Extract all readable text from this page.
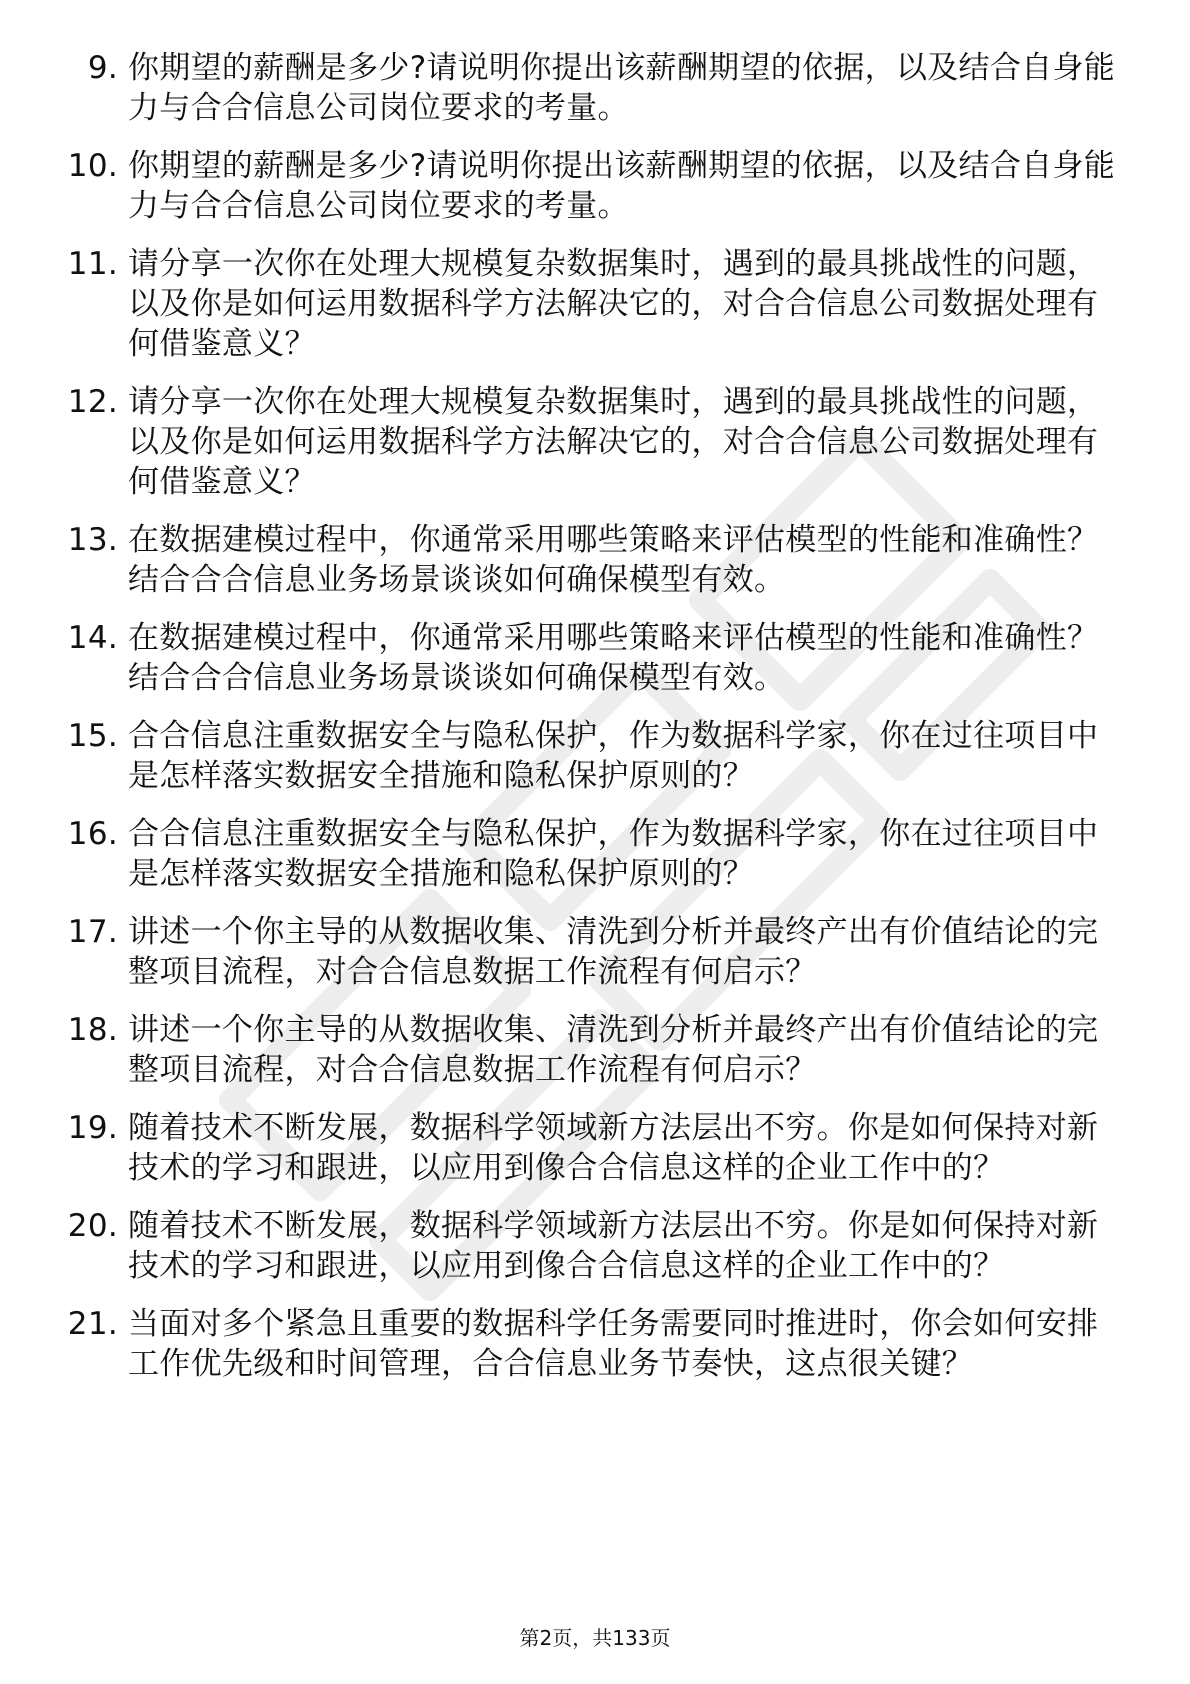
9. 你期望的薪酬是多少?请说明你提出该薪酬期望的依据，以及结合自身能力与合合信息公司岗位要求的考量。
10. 你期望的薪酬是多少?请说明你提出该薪酬期望的依据，以及结合自身能力与合合信息公司岗位要求的考量。
11. 请分享一次你在处理大规模复杂数据集时，遇到的最具挑战性的问题，以及你是如何运用数据科学方法解决它的，对合合信息公司数据处理有何借鉴意义？
12. 请分享一次你在处理大规模复杂数据集时，遇到的最具挑战性的问题，以及你是如何运用数据科学方法解决它的，对合合信息公司数据处理有何借鉴意义？
13. 在数据建模过程中，你通常采用哪些策略来评估模型的性能和准确性？结合合合信息业务场景谈谈如何确保模型有效。
14. 在数据建模过程中，你通常采用哪些策略来评估模型的性能和准确性？结合合合信息业务场景谈谈如何确保模型有效。
15. 合合信息注重数据安全与隐私保护，作为数据科学家，你在过往项目中是怎样落实数据安全措施和隐私保护原则的？
16. 合合信息注重数据安全与隐私保护，作为数据科学家，你在过往项目中是怎样落实数据安全措施和隐私保护原则的？
17. 讲述一个你主导的从数据收集、清洗到分析并最终产出有价值结论的完整项目流程，对合合信息数据工作流程有何启示？
18. 讲述一个你主导的从数据收集、清洗到分析并最终产出有价值结论的完整项目流程，对合合信息数据工作流程有何启示？
19. 随着技术不断发展，数据科学领域新方法层出不穷。你是如何保持对新技术的学习和跟进，以应用到像合合信息这样的企业工作中的？
20. 随着技术不断发展，数据科学领域新方法层出不穷。你是如何保持对新技术的学习和跟进，以应用到像合合信息这样的企业工作中的？
21. 当面对多个紧急且重要的数据科学任务需要同时推进时，你会如何安排工作优先级和时间管理，合合信息业务节奏快，这点很关键？
第2页，共133页
